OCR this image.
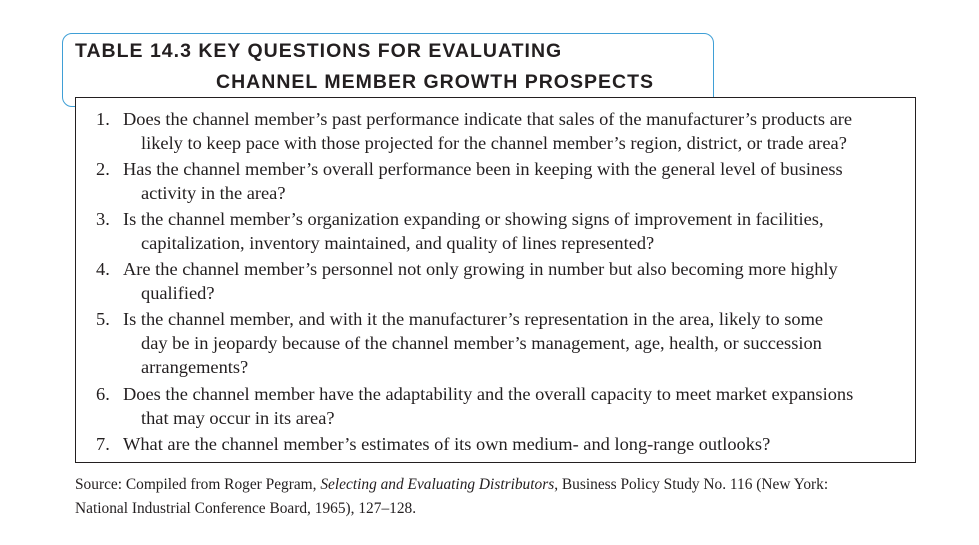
TABLE 14.3 KEY QUESTIONS FOR EVALUATING
CHANNEL MEMBER GROWTH PROSPECTS
1. Does the channel member’s past performance indicate that sales of the manufacturer’s products are
likely to keep pace with those projected for the channel member’s region, district, or trade area?
2. Has the channel member’s overall performance been in keeping with the general level of business
activity in the area?
3. Is the channel member’s organization expanding or showing signs of improvement in facilities,
capitalization, inventory maintained, and quality of lines represented?
4. Are the channel member’s personnel not only growing in number but also becoming more highly
qualified?
5. Is the channel member, and with it the manufacturer’s representation in the area, likely to some
day be in jeopardy because of the channel member’s management, age, health, or succession
arrangements?
6. Does the channel member have the adaptability and the overall capacity to meet market expansions
that may occur in its area?
7. What are the channel member’s estimates of its own medium- and long-range outlooks?
Source: Compiled from Roger Pegram, Selecting and Evaluating Distributors, Business Policy Study No. 116 (New York:
National Industrial Conference Board, 1965), 127–128.
